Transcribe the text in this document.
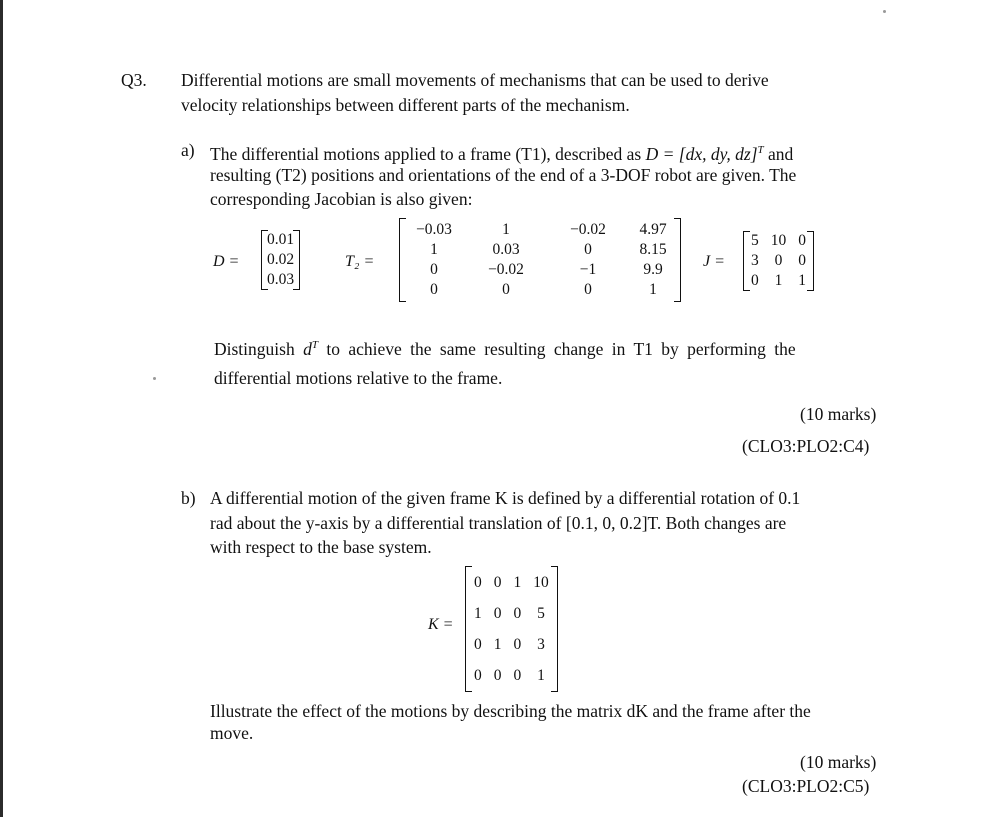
Q3. Differential motions are small movements of mechanisms that can be used to derive
velocity relationships between different parts of the mechanism.
a) The differential motions applied to a frame (T1), described as D = [dx, dy, dz]$^T$ and
resulting (T2) positions and orientations of the end of a 3-DOF robot are given. The
corresponding Jacobian is also given:
D =
0.01
0.02
0.03
T₂ =
−0.03	1	−0.02	4.97
1	0.03	0	8.15
0	−0.02	−1	9.9
0	0	0	1
J =
5	10	0
3	0	0
0	1	1
Distinguish $d^T$ to achieve the same resulting change in T1 by performing the
differential motions relative to the frame.
(10 marks)
(CLO3:PLO2:C4)
b) A differential motion of the given frame K is defined by a differential rotation of 0.1
rad about the y-axis by a differential translation of [0.1, 0, 0.2]T. Both changes are
with respect to the base system.
K =
0	0	1	10
1	0	0	5
0	1	0	3
0	0	0	1
Illustrate the effect of the motions by describing the matrix dK and the frame after the
move.
(10 marks)
(CLO3:PLO2:C5)
